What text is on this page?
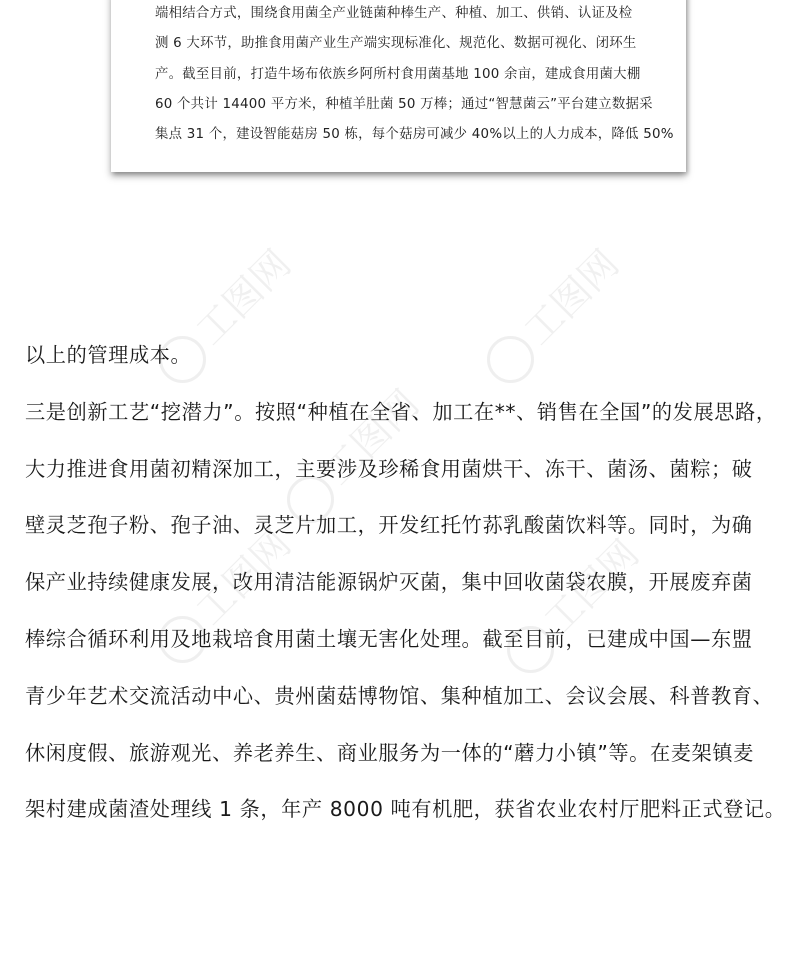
工图网	工图网
工图网
工图网	工图网

端相结合方式，围绕食用菌全产业链菌种棒生产、种植、加工、供销、认证及检
测 6 大环节，助推食用菌产业生产端实现标准化、规范化、数据可视化、闭环生
产。截至目前，打造牛场布依族乡阿所村食用菌基地 100 余亩，建成食用菌大棚
60 个共计 14400 平方米，种植羊肚菌 50 万棒；通过“智慧菌云”平台建立数据采
集点 31 个，建设智能菇房 50 栋，每个菇房可减少 40%以上的人力成本，降低 50%

以上的管理成本。
三是创新工艺“挖潜力”。按照“种植在全省、加工在**、销售在全国”的发展思路，
大力推进食用菌初精深加工，主要涉及珍稀食用菌烘干、冻干、菌汤、菌粽；破
壁灵芝孢子粉、孢子油、灵芝片加工，开发红托竹荪乳酸菌饮料等。同时，为确
保产业持续健康发展，改用清洁能源锅炉灭菌，集中回收菌袋农膜，开展废弃菌
棒综合循环利用及地栽培食用菌土壤无害化处理。截至目前，已建成中国—东盟
青少年艺术交流活动中心、贵州菌菇博物馆、集种植加工、会议会展、科普教育、
休闲度假、旅游观光、养老养生、商业服务为一体的“蘑力小镇”等。在麦架镇麦
架村建成菌渣处理线 1 条，年产 8000 吨有机肥，获省农业农村厅肥料正式登记。
